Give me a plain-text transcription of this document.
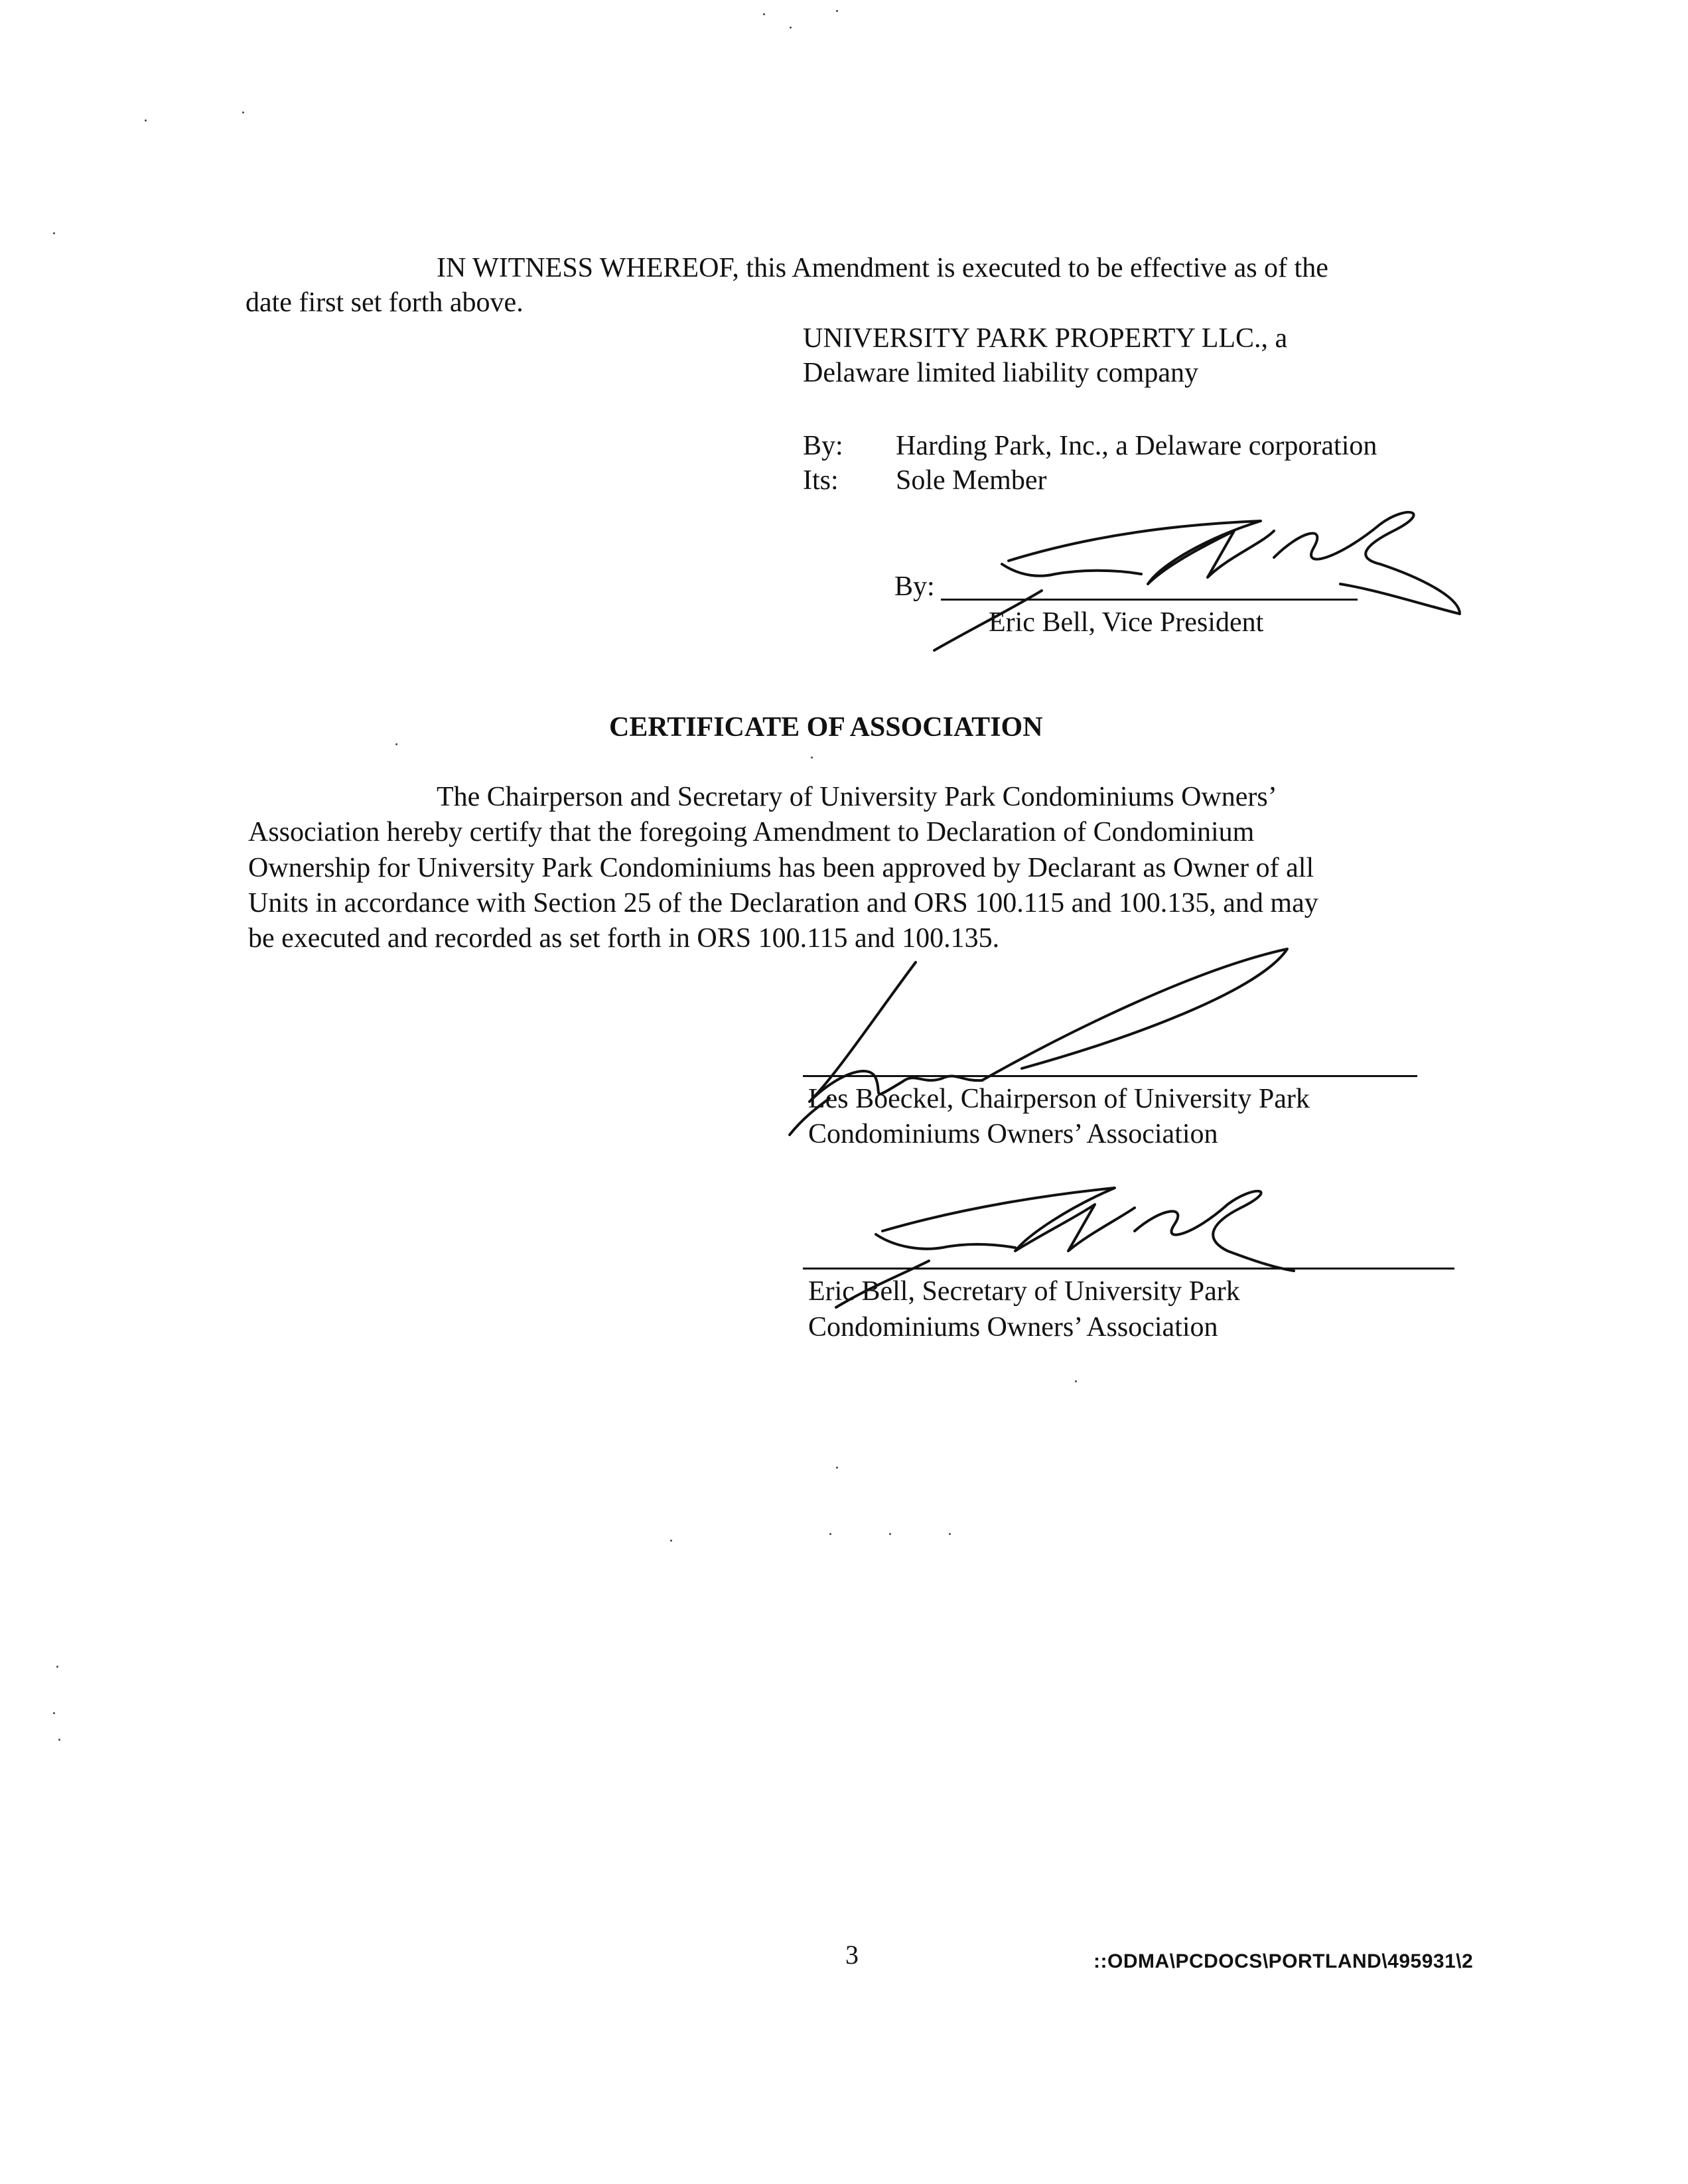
IN WITNESS WHEREOF, this Amendment is executed to be effective as of the

date first set forth above.

UNIVERSITY PARK PROPERTY LLC., a

Delaware limited liability company

By: Harding Park, Inc., a Delaware corporation

Its: Sole Member

By:

Eric Bell, Vice President

CERTIFICATE OF ASSOCIATION

The Chairperson and Secretary of University Park Condominiums Owners’

Association hereby certify that the foregoing Amendment to Declaration of Condominium

Ownership for University Park Condominiums has been approved by Declarant as Owner of all

Units in accordance with Section 25 of the Declaration and ORS 100.115 and 100.135, and may

be executed and recorded as set forth in ORS 100.115 and 100.135.

Les Boeckel, Chairperson of University Park

Condominiums Owners’ Association

Eric Bell, Secretary of University Park

Condominiums Owners’ Association

3	::ODMA\PCDOCS\PORTLAND\495931\2
